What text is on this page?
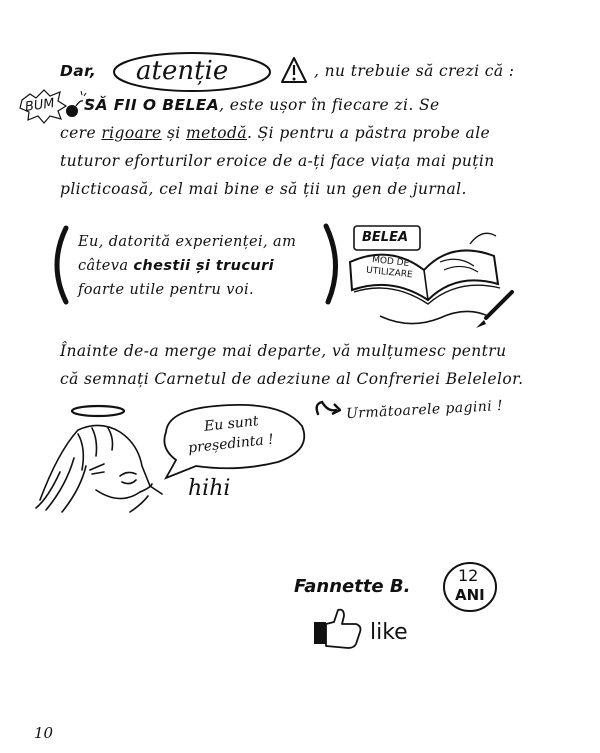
Dar, atenție	, nu trebuie să crezi că :
BUM SĂ FII O BELEA, este ușor în fiecare zi. Se
cere rigoare și metodă. Și pentru a păstra probe ale
tuturor eforturilor eroice de a-ți face viața mai puțin
plicticoasă, cel mai bine e să ții un gen de jurnal.
Eu, datorită experienței, am
câteva chestii și trucuri
foarte utile pentru voi.
BELEA
MOD DE
UTILIZARE
Înainte de-a merge mai departe, vă mulțumesc pentru
că semnați Carnetul de adeziune al Confreriei Belelelor.
Următoarele pagini !
Eu sunt
președinta !
hihi
Fannette B.
12
ANI
like
10
